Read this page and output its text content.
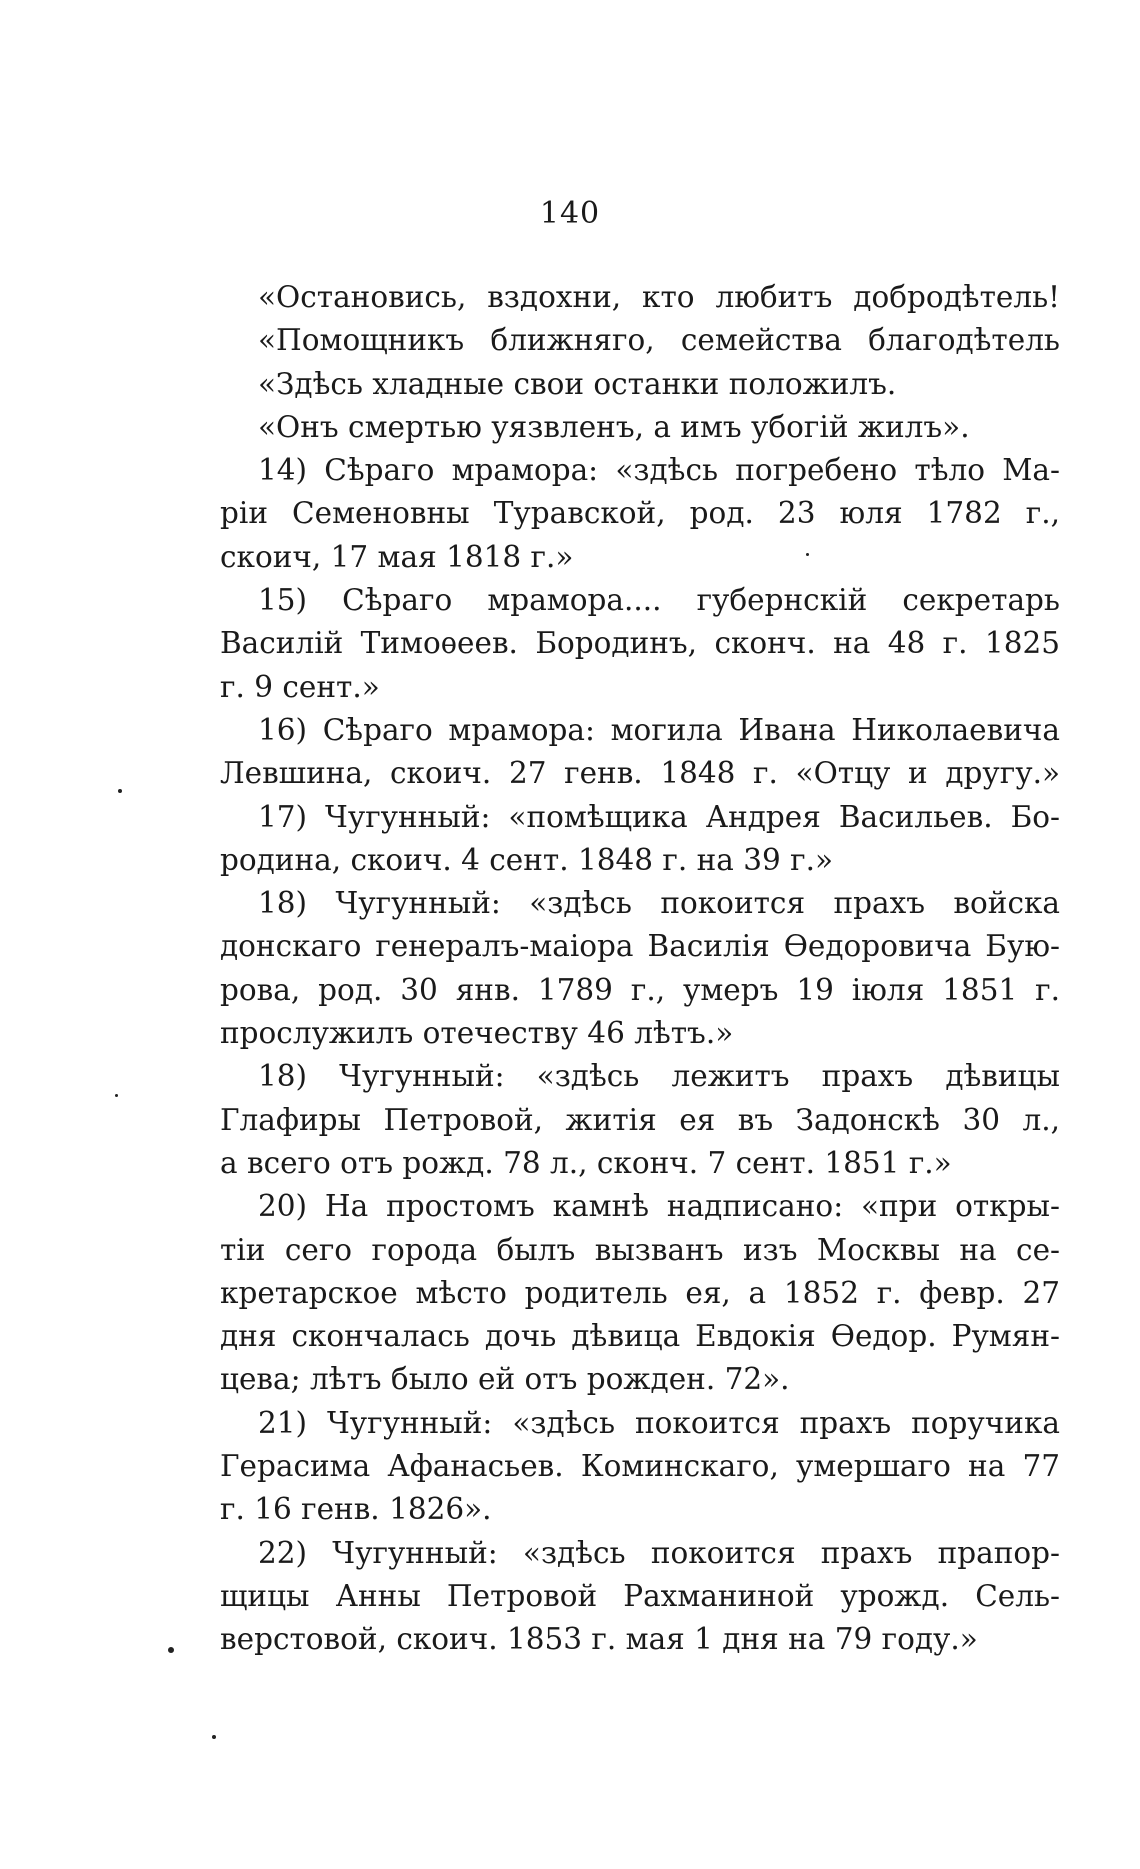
140
«Остановись, вздохни, кто любитъ добродѣтель!
«Помощникъ ближняго, семейства благодѣтель
«Здѣсь хладные свои останки положилъ.
«Онъ смертью уязвленъ, а имъ убогій жилъ».
14) Сѣраго мрамора: «здѣсь погребено тѣло Ма-
ріи Семеновны Туравской, род. 23 юля 1782 г.,
скоич, 17 мая 1818 г.»
15) Сѣраго мрамора.... губернскій секретарь
Василій Тимоѳеев. Бородинъ, сконч. на 48 г. 1825
г. 9 сент.»
16) Сѣраго мрамора: могила Ивана Николаевича
Левшина, скоич. 27 генв. 1848 г. «Отцу и другу.»
17) Чугунный: «помѣщика Андрея Васильев. Бо-
родина, скоич. 4 сент. 1848 г. на 39 г.»
18) Чугунный: «здѣсь покоится прахъ войска
донскаго генералъ-маіора Василія Ѳедоровича Бую-
рова, род. 30 янв. 1789 г., умеръ 19 іюля 1851 г.
прослужилъ отечеству 46 лѣтъ.»
18) Чугунный: «здѣсь лежитъ прахъ дѣвицы
Глафиры Петровой, житія ея въ Задонскѣ 30 л.,
а всего отъ рожд. 78 л., сконч. 7 сент. 1851 г.»
20) На простомъ камнѣ надписано: «при откры-
тіи сего города былъ вызванъ изъ Москвы на се-
кретарское мѣсто родитель ея, а 1852 г. февр. 27
дня скончалась дочь дѣвица Евдокія Ѳедор. Румян-
цева; лѣтъ было ей отъ рожден. 72».
21) Чугунный: «здѣсь покоится прахъ поручика
Герасима Афанасьев. Коминскаго, умершаго на 77
г. 16 генв. 1826».
22) Чугунный: «здѣсь покоится прахъ прапор-
щицы Анны Петровой Рахманиной урожд. Сель-
верстовой, скоич. 1853 г. мая 1 дня на 79 году.»
